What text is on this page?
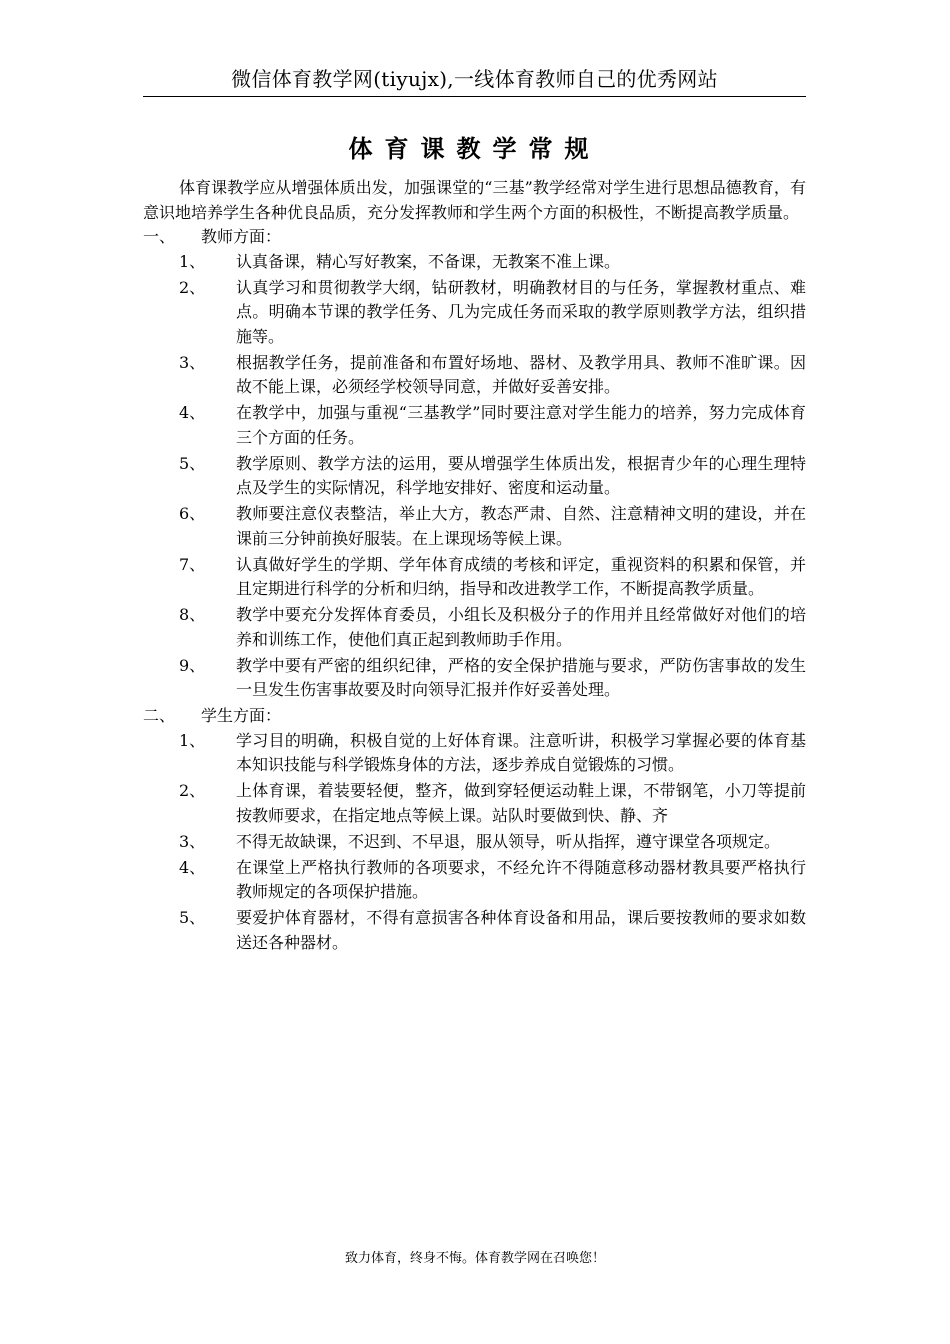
微信体育教学网(tiyujx),一线体育教师自己的优秀网站
体育课教学常规

体育课教学应从增强体质出发，加强课堂的“三基”教学经常对学生进行思想品德教育，有意识地培养学生各种优良品质，充分发挥教师和学生两个方面的积极性，不断提高教学质量。

一、 教师方面：
1、 认真备课，精心写好教案，不备课，无教案不准上课。
2、 认真学习和贯彻教学大纲，钻研教材，明确教材目的与任务，掌握教材重点、难点。明确本节课的教学任务、几为完成任务而采取的教学原则教学方法，组织措施等。
3、 根据教学任务，提前准备和布置好场地、器材、及教学用具、教师不准旷课。因故不能上课，必须经学校领导同意，并做好妥善安排。
4、 在教学中，加强与重视“三基教学”同时要注意对学生能力的培养，努力完成体育三个方面的任务。
5、 教学原则、教学方法的运用，要从增强学生体质出发，根据青少年的心理生理特点及学生的实际情况，科学地安排好、密度和运动量。
6、 教师要注意仪表整洁，举止大方，教态严肃、自然、注意精神文明的建设，并在课前三分钟前换好服装。在上课现场等候上课。
7、 认真做好学生的学期、学年体育成绩的考核和评定，重视资料的积累和保管，并且定期进行科学的分析和归纳，指导和改进教学工作，不断提高教学质量。
8、 教学中要充分发挥体育委员，小组长及积极分子的作用并且经常做好对他们的培养和训练工作，使他们真正起到教师助手作用。
9、 教学中要有严密的组织纪律，严格的安全保护措施与要求，严防伤害事故的发生一旦发生伤害事故要及时向领导汇报并作好妥善处理。
二、 学生方面：
1、 学习目的明确，积极自觉的上好体育课。注意听讲，积极学习掌握必要的体育基本知识技能与科学锻炼身体的方法，逐步养成自觉锻炼的习惯。
2、 上体育课，着装要轻便，整齐，做到穿轻便运动鞋上课，不带钢笔，小刀等提前按教师要求，在指定地点等候上课。站队时要做到快、静、齐
3、 不得无故缺课，不迟到、不早退，服从领导，听从指挥，遵守课堂各项规定。
4、 在课堂上严格执行教师的各项要求，不经允许不得随意移动器材教具要严格执行教师规定的各项保护措施。
5、 要爱护体育器材，不得有意损害各种体育设备和用品，课后要按教师的要求如数送还各种器材。
致力体育，终身不悔。体育教学网在召唤您！
